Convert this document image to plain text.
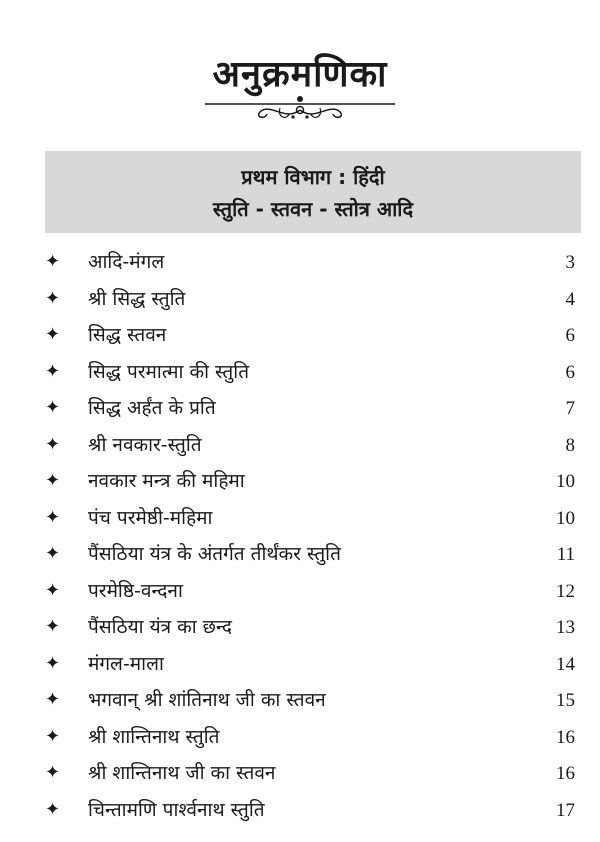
अनुक्रमणिका
प्रथम विभाग : हिंदी
स्तुति - स्तवन - स्तोत्र आदि
✦ आदि-मंगल	3
✦ श्री सिद्ध स्तुति	4
✦ सिद्ध स्तवन	6
✦ सिद्ध परमात्मा की स्तुति	6
✦ सिद्ध अर्हंत के प्रति	7
✦ श्री नवकार-स्तुति	8
✦ नवकार मन्त्र की महिमा	10
✦ पंच परमेष्ठी-महिमा	10
✦ पैंसठिया यंत्र के अंतर्गत तीर्थंकर स्तुति	11
✦ परमेष्ठि-वन्दना	12
✦ पैंसठिया यंत्र का छन्द	13
✦ मंगल-माला	14
✦ भगवान् श्री शांतिनाथ जी का स्तवन	15
✦ श्री शान्तिनाथ स्तुति	16
✦ श्री शान्तिनाथ जी का स्तवन	16
✦ चिन्तामणि पार्श्वनाथ स्तुति	17
